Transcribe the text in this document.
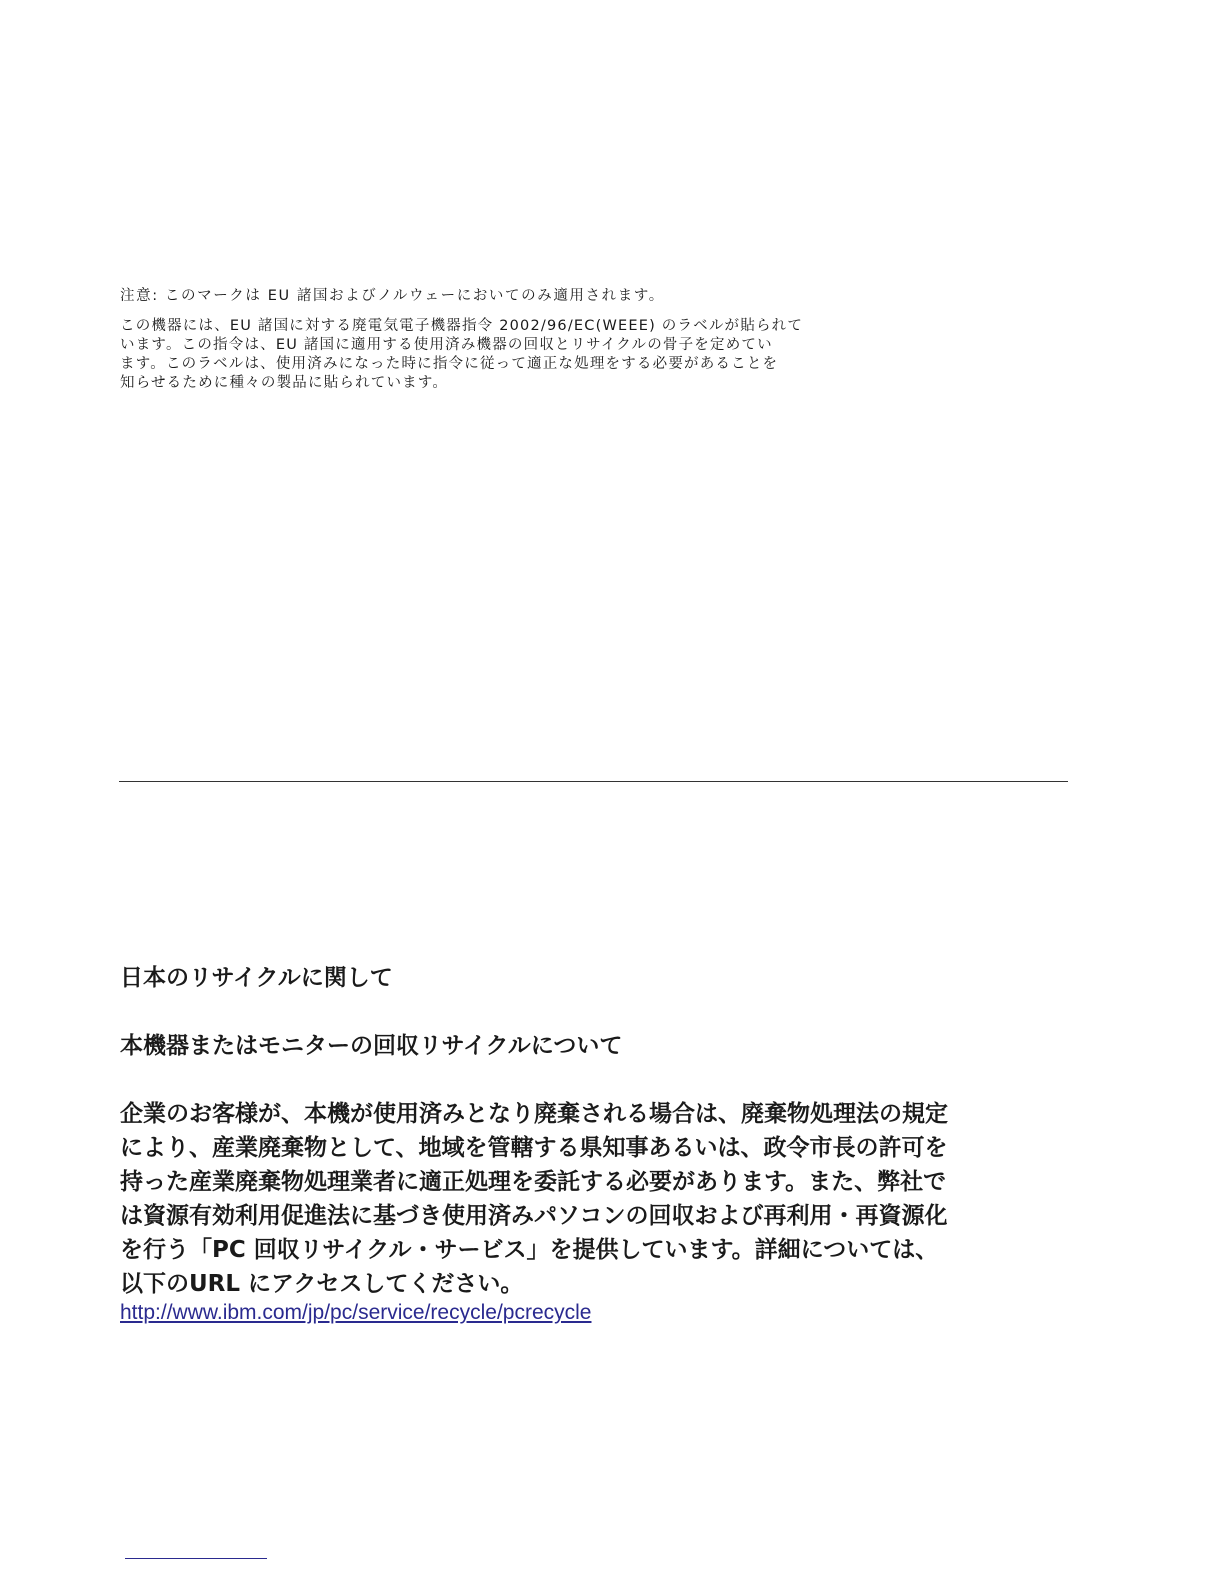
注意: このマークは EU 諸国およびノルウェーにおいてのみ適用されます。

この機器には、EU 諸国に対する廃電気電子機器指令 2002/96/EC(WEEE) のラベルが貼られて
います。この指令は、EU 諸国に適用する使用済み機器の回収とリサイクルの骨子を定めてい
ます。このラベルは、使用済みになった時に指令に従って適正な処理をする必要があることを
知らせるために種々の製品に貼られています。
日本のリサイクルに関して
本機器またはモニターの回収リサイクルについて
企業のお客様が、本機が使用済みとなり廃棄される場合は、廃棄物処理法の規定
により、産業廃棄物として、地域を管轄する県知事あるいは、政令市長の許可を
持った産業廃棄物処理業者に適正処理を委託する必要があります。また、弊社で
は資源有効利用促進法に基づき使用済みパソコンの回収および再利用・再資源化
を行う「PC 回収リサイクル・サービス」を提供しています。詳細については、
以下のURL にアクセスしてください。
http://www.ibm.com/jp/pc/service/recycle/pcrecycle
